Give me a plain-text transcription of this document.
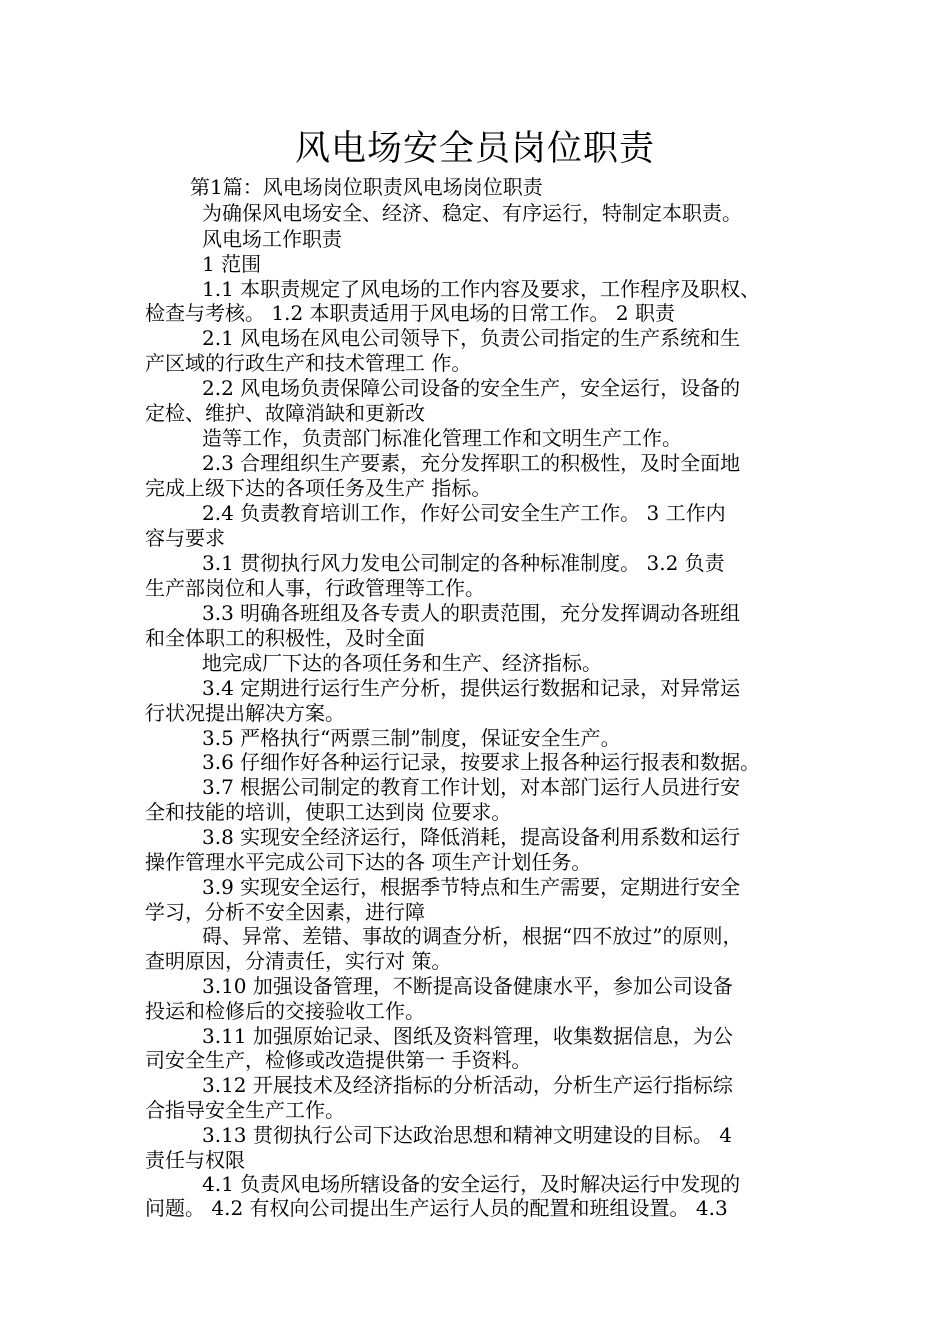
风电场安全员岗位职责
第1篇：风电场岗位职责风电场岗位职责
为确保风电场安全、经济、稳定、有序运行，特制定本职责。
风电场工作职责
1 范围
1.1 本职责规定了风电场的工作内容及要求，工作程序及职权、
检查与考核。 1.2 本职责适用于风电场的日常工作。 2 职责
2.1 风电场在风电公司领导下，负责公司指定的生产系统和生
产区域的行政生产和技术管理工 作。
2.2 风电场负责保障公司设备的安全生产，安全运行，设备的
定检、维护、故障消缺和更新改
造等工作，负责部门标准化管理工作和文明生产工作。
2.3 合理组织生产要素，充分发挥职工的积极性，及时全面地
完成上级下达的各项任务及生产 指标。
2.4 负责教育培训工作，作好公司安全生产工作。 3 工作内
容与要求
3.1 贯彻执行风力发电公司制定的各种标准制度。 3.2 负责
生产部岗位和人事，行政管理等工作。
3.3 明确各班组及各专责人的职责范围，充分发挥调动各班组
和全体职工的积极性，及时全面
地完成厂下达的各项任务和生产、经济指标。
3.4 定期进行运行生产分析，提供运行数据和记录，对异常运
行状况提出解决方案。
3.5 严格执行“两票三制”制度，保证安全生产。
3.6 仔细作好各种运行记录，按要求上报各种运行报表和数据。
3.7 根据公司制定的教育工作计划，对本部门运行人员进行安
全和技能的培训，使职工达到岗 位要求。
3.8 实现安全经济运行，降低消耗，提高设备利用系数和运行
操作管理水平完成公司下达的各 项生产计划任务。
3.9 实现安全运行，根据季节特点和生产需要，定期进行安全
学习，分析不安全因素，进行障
碍、异常、差错、事故的调查分析，根据“四不放过”的原则，
查明原因，分清责任，实行对 策。
3.10 加强设备管理，不断提高设备健康水平，参加公司设备
投运和检修后的交接验收工作。
3.11 加强原始记录、图纸及资料管理，收集数据信息，为公
司安全生产，检修或改造提供第一 手资料。
3.12 开展技术及经济指标的分析活动，分析生产运行指标综
合指导安全生产工作。
3.13 贯彻执行公司下达政治思想和精神文明建设的目标。 4
责任与权限
4.1 负责风电场所辖设备的安全运行，及时解决运行中发现的
问题。 4.2 有权向公司提出生产运行人员的配置和班组设置。 4.3
